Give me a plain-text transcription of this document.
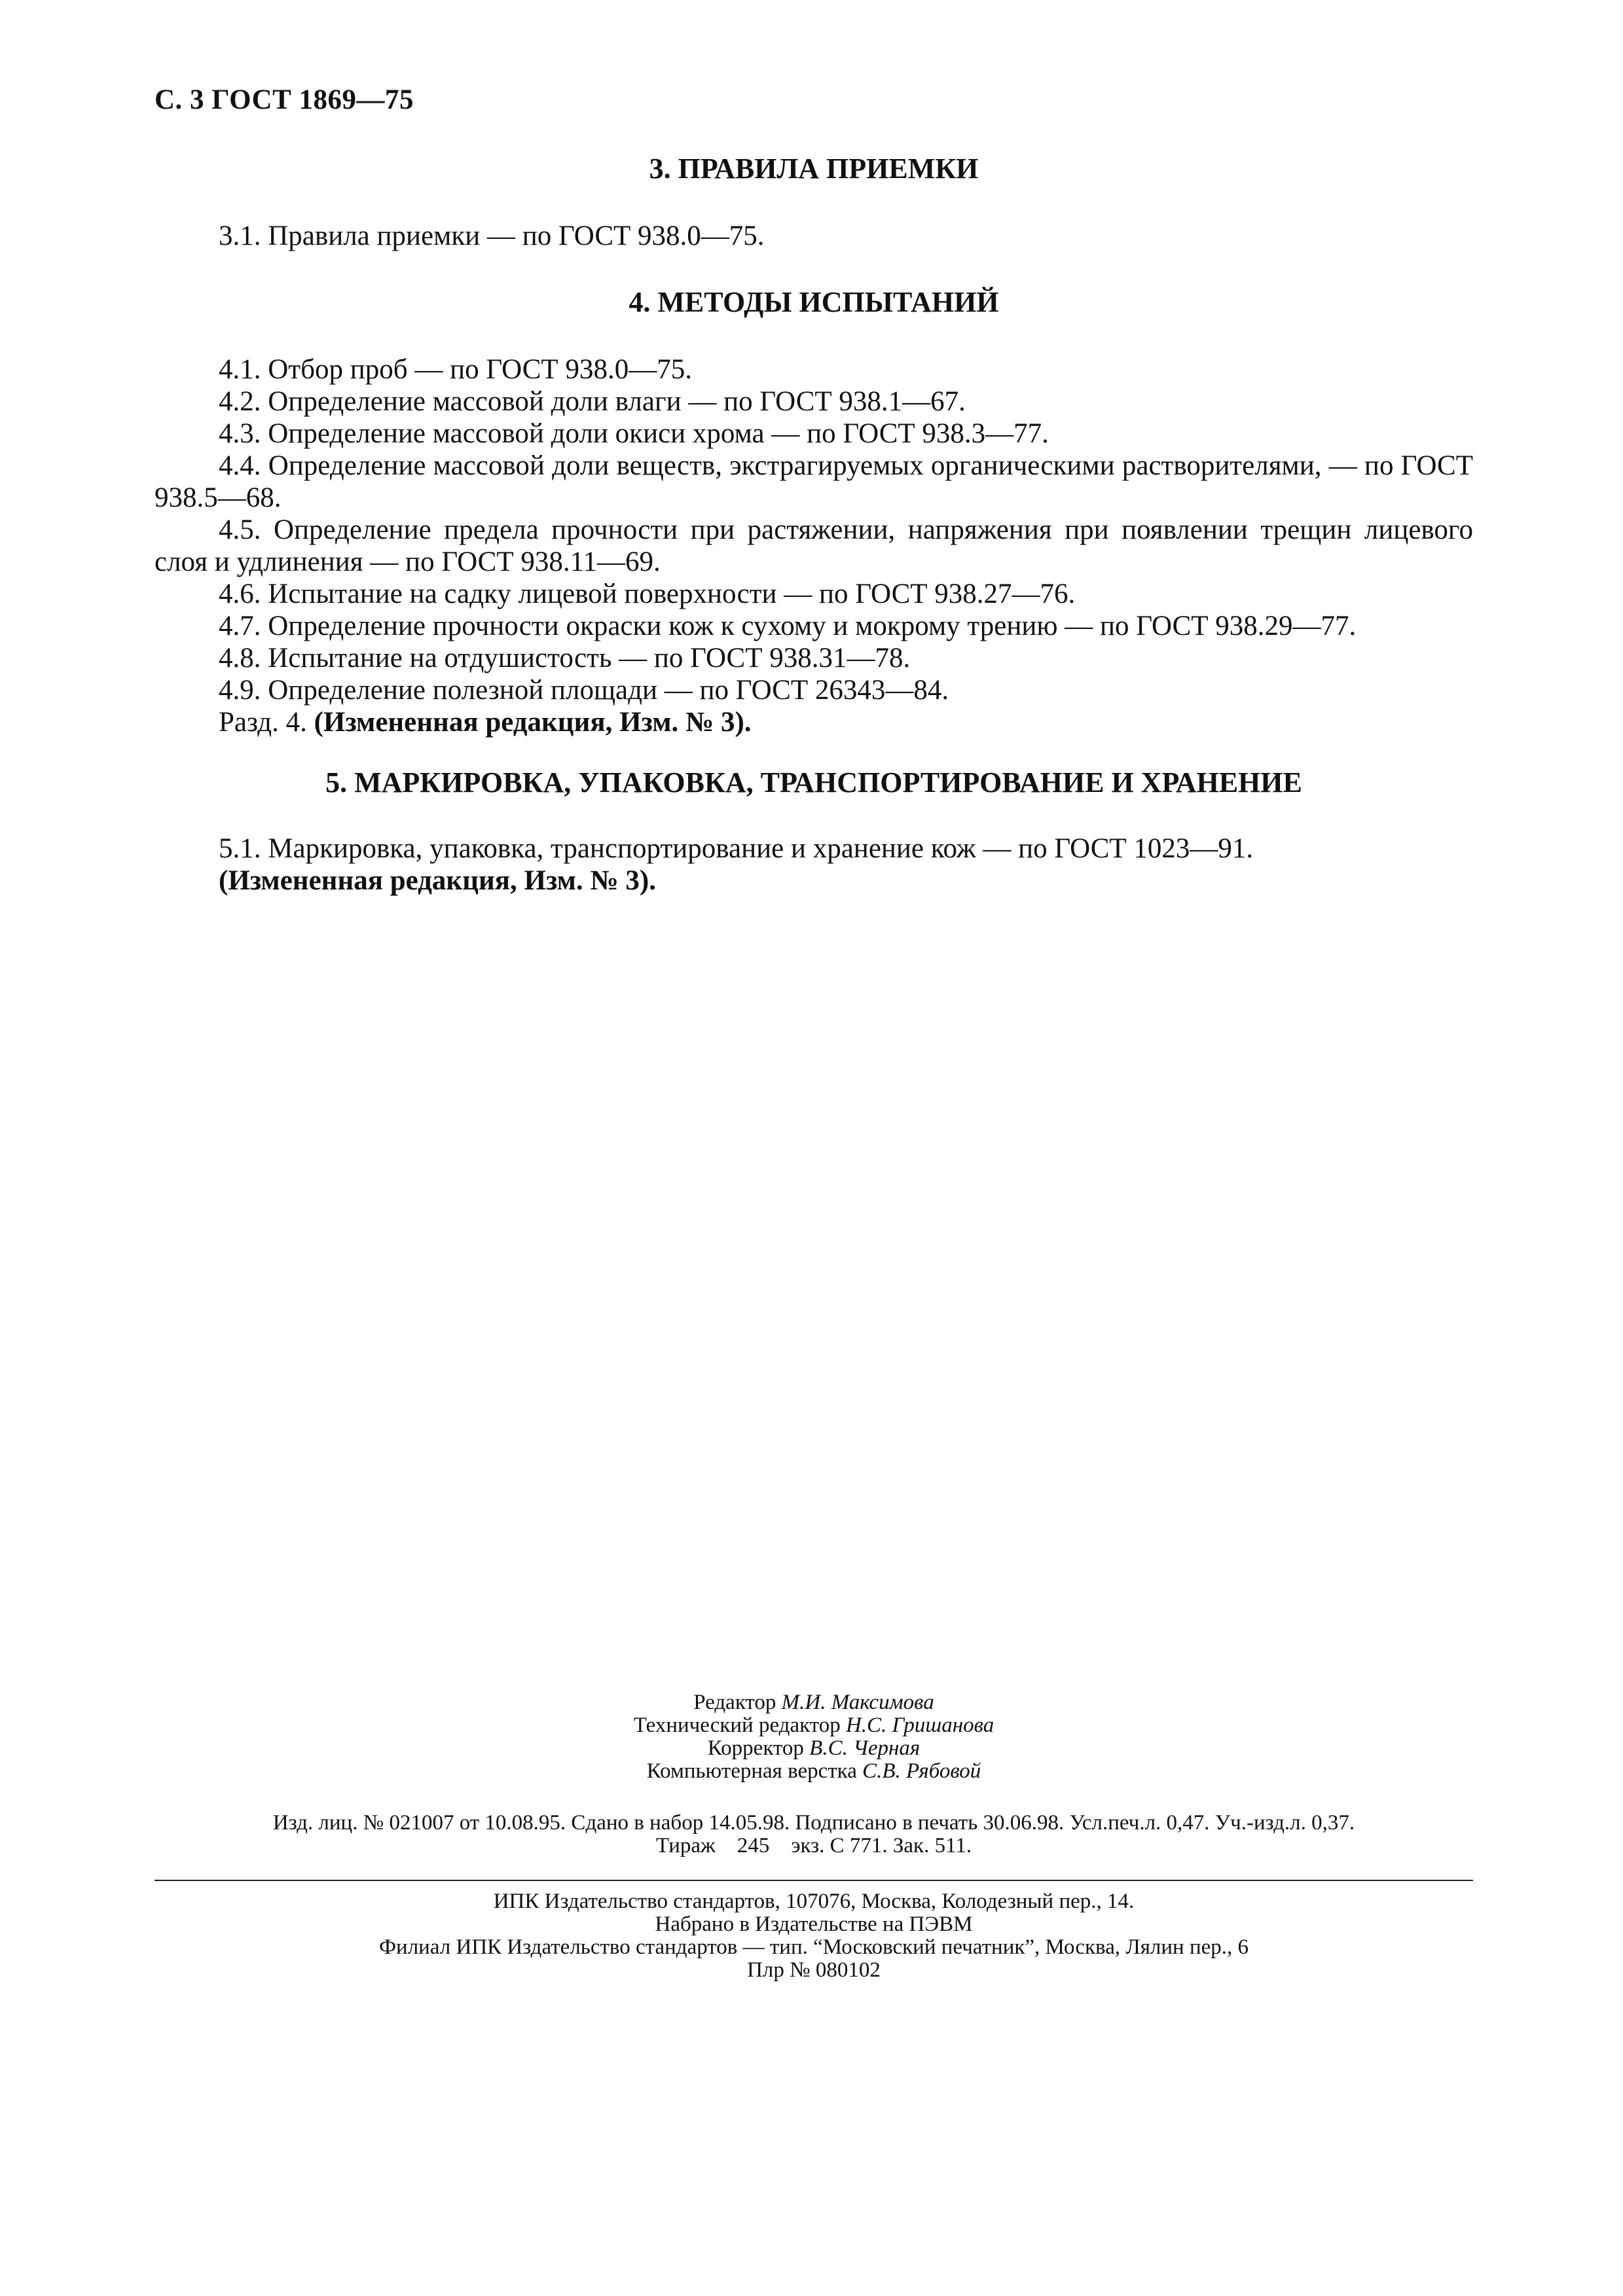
С. 3 ГОСТ 1869—75
3. ПРАВИЛА ПРИЕМКИ

3.1. Правила приемки — по ГОСТ 938.0—75.

4. МЕТОДЫ ИСПЫТАНИЙ

4.1. Отбор проб — по ГОСТ 938.0—75.

4.2. Определение массовой доли влаги — по ГОСТ 938.1—67.

4.3. Определение массовой доли окиси хрома — по ГОСТ 938.3—77.

4.4. Определение массовой доли веществ, экстрагируемых органическими растворителями, — по ГОСТ 938.5—68.

4.5. Определение предела прочности при растяжении, напряжения при появлении трещин лицевого слоя и удлинения — по ГОСТ 938.11—69.

4.6. Испытание на садку лицевой поверхности — по ГОСТ 938.27—76.

4.7. Определение прочности окраски кож к сухому и мокрому трению — по ГОСТ 938.29—77.

4.8. Испытание на отдушистость — по ГОСТ 938.31—78.

4.9. Определение полезной площади — по ГОСТ 26343—84.

Разд. 4. (Измененная редакция, Изм. № 3).

5. МАРКИРОВКА, УПАКОВКА, ТРАНСПОРТИРОВАНИЕ И ХРАНЕНИЕ

5.1. Маркировка, упаковка, транспортирование и хранение кож — по ГОСТ 1023—91.

(Измененная редакция, Изм. № 3).

Редактор М.И. Максимова
Технический редактор Н.С. Гришанова
Корректор В.С. Черная
Компьютерная верстка С.В. Рябовой
Изд. лиц. № 021007 от 10.08.95. Сдано в набор 14.05.98. Подписано в печать 30.06.98. Усл.печ.л. 0,47. Уч.-изд.л. 0,37.
Тираж    245    экз. С 771. Зак. 511.
ИПК Издательство стандартов, 107076, Москва, Колодезный пер., 14.
Набрано в Издательстве на ПЭВМ
Филиал ИПК Издательство стандартов — тип. “Московский печатник”, Москва, Лялин пер., 6
Плр № 080102
